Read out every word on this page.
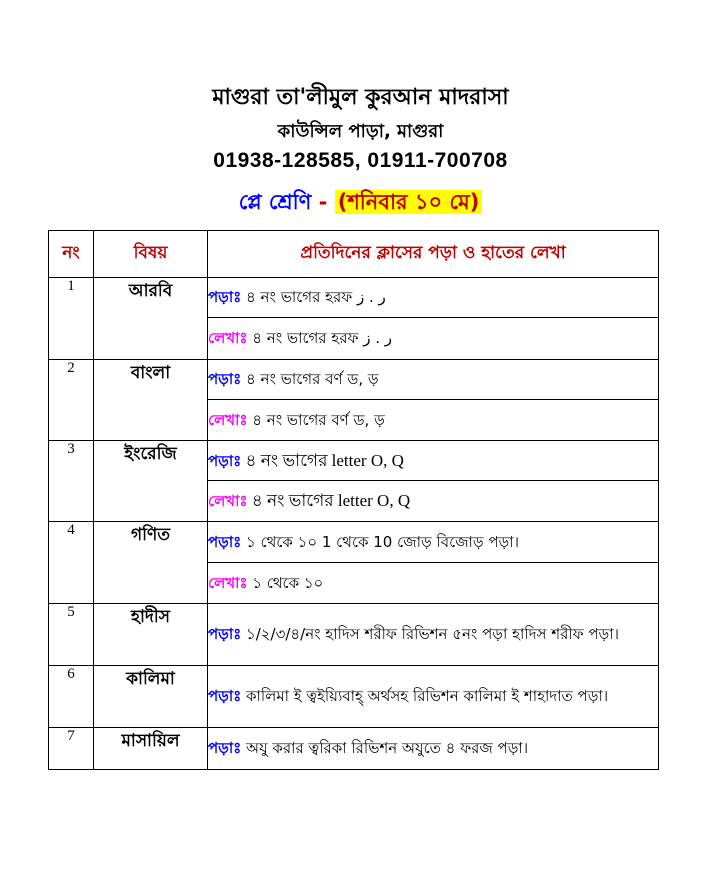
মাগুরা তা'লীমুল কুরআন মাদরাসা
কাউন্সিল পাড়া, মাগুরা
01938-128585, 01911-700708
প্লে শ্রেণি - (শনিবার ১০ মে)
নং	বিষয়	প্রতিদিনের ক্লাসের পড়া ও হাতের লেখা
1	আরবি	পড়াঃ ৪ নং ভাগের হরফ ر . ز
		লেখাঃ ৪ নং ভাগের হরফ ر . ز
2	বাংলা	পড়াঃ ৪ নং ভাগের বর্ণ ড, ড়
		লেখাঃ ৪ নং ভাগের বর্ণ ড, ড়
3	ইংরেজি	পড়াঃ ৪ নং ভাগের letter O, Q
		লেখাঃ ৪ নং ভাগের letter O, Q
4	গণিত	পড়াঃ ১ থেকে ১০ 1 থেকে 10 জোড় বিজোড় পড়া।
		লেখাঃ ১ থেকে ১০
5	হাদীস	পড়াঃ ১/২/৩/৪/নং হাদিস শরীফ রিভিশন ৫নং পড়া হাদিস শরীফ পড়া।
6	কালিমা	পড়াঃ কালিমা ই ত্বইয়্যিবাহ্ অর্থসহ রিভিশন কালিমা ই শাহাদাত পড়া।
7	মাসায়িল	পড়াঃ অযু করার ত্বরিকা রিভিশন অযুতে ৪ ফরজ পড়া।
